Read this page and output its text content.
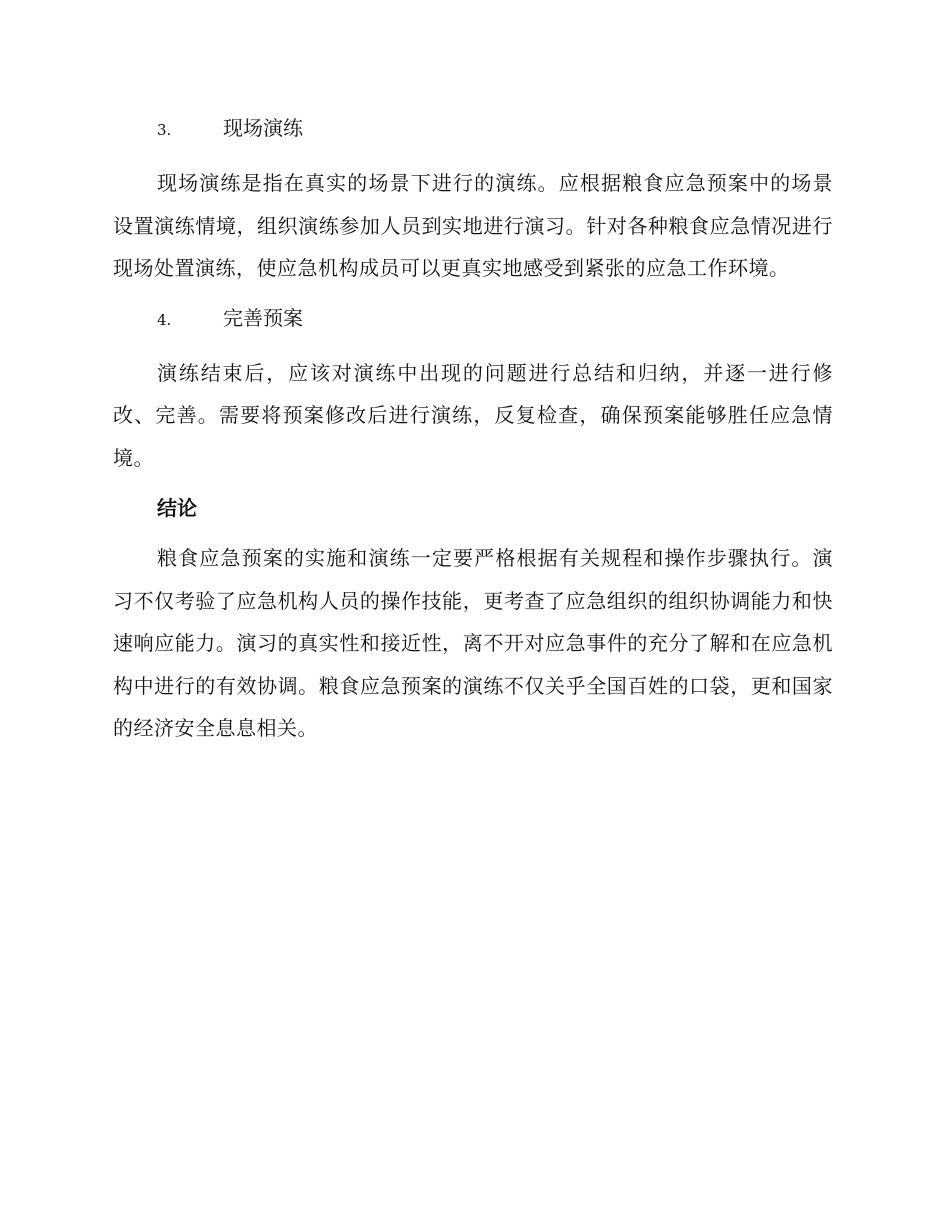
3.	现场演练

现场演练是指在真实的场景下进行的演练。应根据粮食应急预案中的场景设置演练情境，组织演练参加人员到实地进行演习。针对各种粮食应急情况进行现场处置演练，使应急机构成员可以更真实地感受到紧张的应急工作环境。

4.	完善预案

演练结束后，应该对演练中出现的问题进行总结和归纳，并逐一进行修改、完善。需要将预案修改后进行演练，反复检查，确保预案能够胜任应急情境。

结论

粮食应急预案的实施和演练一定要严格根据有关规程和操作步骤执行。演习不仅考验了应急机构人员的操作技能，更考查了应急组织的组织协调能力和快速响应能力。演习的真实性和接近性，离不开对应急事件的充分了解和在应急机构中进行的有效协调。粮食应急预案的演练不仅关乎全国百姓的口袋，更和国家的经济安全息息相关。
